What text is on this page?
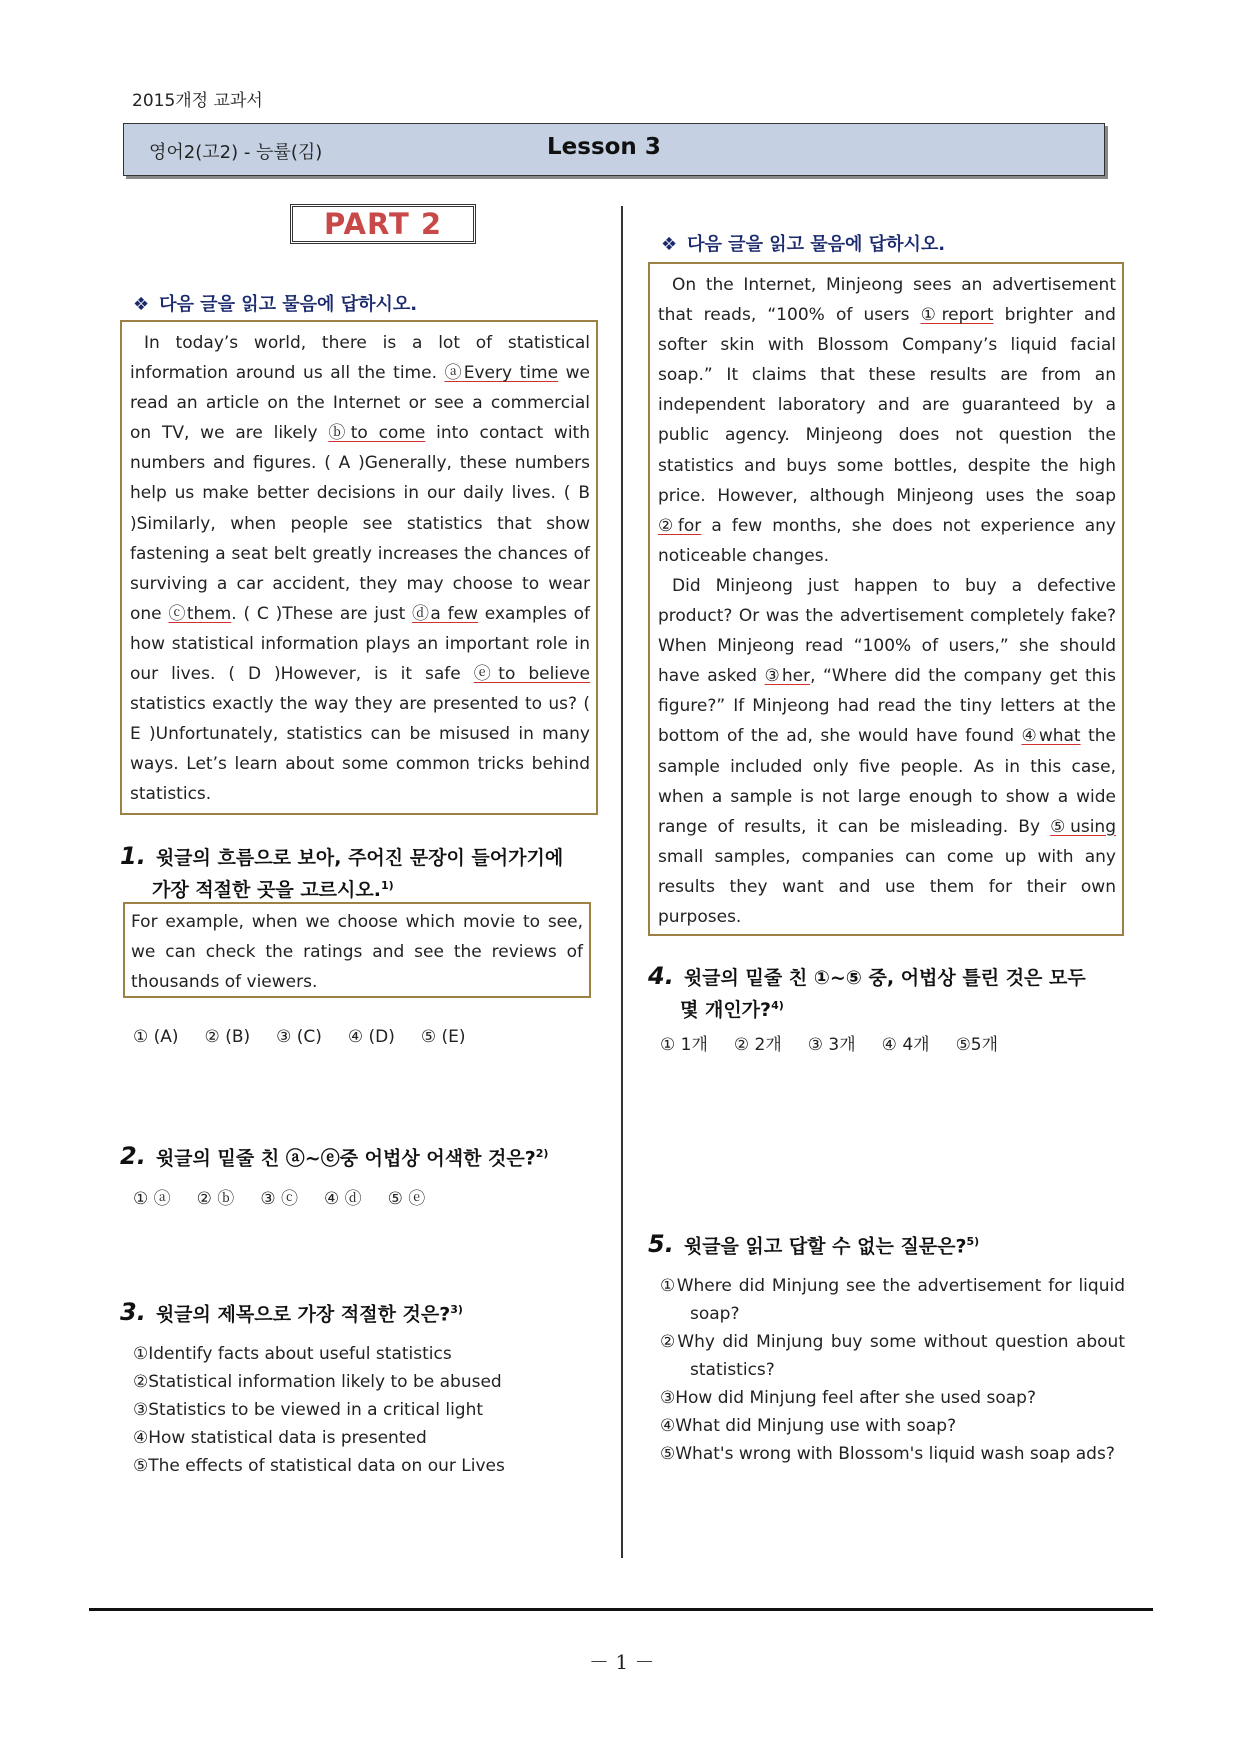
2015개정 교과서
영어2(고2) - 능률(김)	Lesson 3
PART 2
❖ 다음 글을 읽고 물음에 답하시오.

In today’s world, there is a lot of statistical information around us all the time. ⓐEvery time we read an article on the Internet or see a commercial on TV, we are likely ⓑto come into contact with numbers and figures. ( A )Generally, these numbers help us make better decisions in our daily lives. ( B )Similarly, when people see statistics that show fastening a seat belt greatly increases the chances of surviving a car accident, they may choose to wear one ⓒthem. ( C )These are just ⓓa few examples of how statistical information plays an important role in our lives. ( D )However, is it safe ⓔto believe statistics exactly the way they are presented to us? ( E )Unfortunately, statistics can be misused in many ways. Let’s learn about some common tricks behind statistics.

1. 윗글의 흐름으로 보아, 주어진 문장이 들어가기에
가장 적절한 곳을 고르시오.$^{1)}$
For example, when we choose which movie to see, we can check the ratings and see the reviews of thousands of viewers.
① (A) ② (B) ③ (C) ④ (D) ⑤ (E)
2. 윗글의 밑줄 친 ⓐ~ⓔ중 어법상 어색한 것은?$^{2)}$
① ⓐ ② ⓑ ③ ⓒ ④ ⓓ ⑤ ⓔ
3. 윗글의 제목으로 가장 적절한 것은?$^{3)}$
①Identify facts about useful statistics
②Statistical information likely to be abused
③Statistics to be viewed in a critical light
④How statistical data is presented
⑤The effects of statistical data on our Lives
❖ 다음 글을 읽고 물음에 답하시오.

On the Internet, Minjeong sees an advertisement that reads, “100% of users ①report brighter and softer skin with Blossom Company’s liquid facial soap.” It claims that these results are from an independent laboratory and are guaranteed by a public agency. Minjeong does not question the statistics and buys some bottles, despite the high price. However, although Minjeong uses the soap ②for a few months, she does not experience any noticeable changes.

Did Minjeong just happen to buy a defective product? Or was the advertisement completely fake? When Minjeong read “100% of users,” she should have asked ③her, “Where did the company get this figure?” If Minjeong had read the tiny letters at the bottom of the ad, she would have found ④what the sample included only five people. As in this case, when a sample is not large enough to show a wide range of results, it can be misleading. By ⑤using small samples, companies can come up with any results they want and use them for their own purposes.

4. 윗글의 밑줄 친 ①~⑤ 중, 어법상 틀린 것은 모두
몇 개인가?$^{4)}$
① 1개 ② 2개 ③ 3개 ④ 4개 ⑤5개
5. 윗글을 읽고 답할 수 없는 질문은?$^{5)}$
①Where did Minjung see the advertisement for liquid soap?
②Why did Minjung buy some without question about statistics?
③How did Minjung feel after she used soap?
④What did Minjung use with soap?
⑤What's wrong with Blossom's liquid wash soap ads?
－ 1 －
